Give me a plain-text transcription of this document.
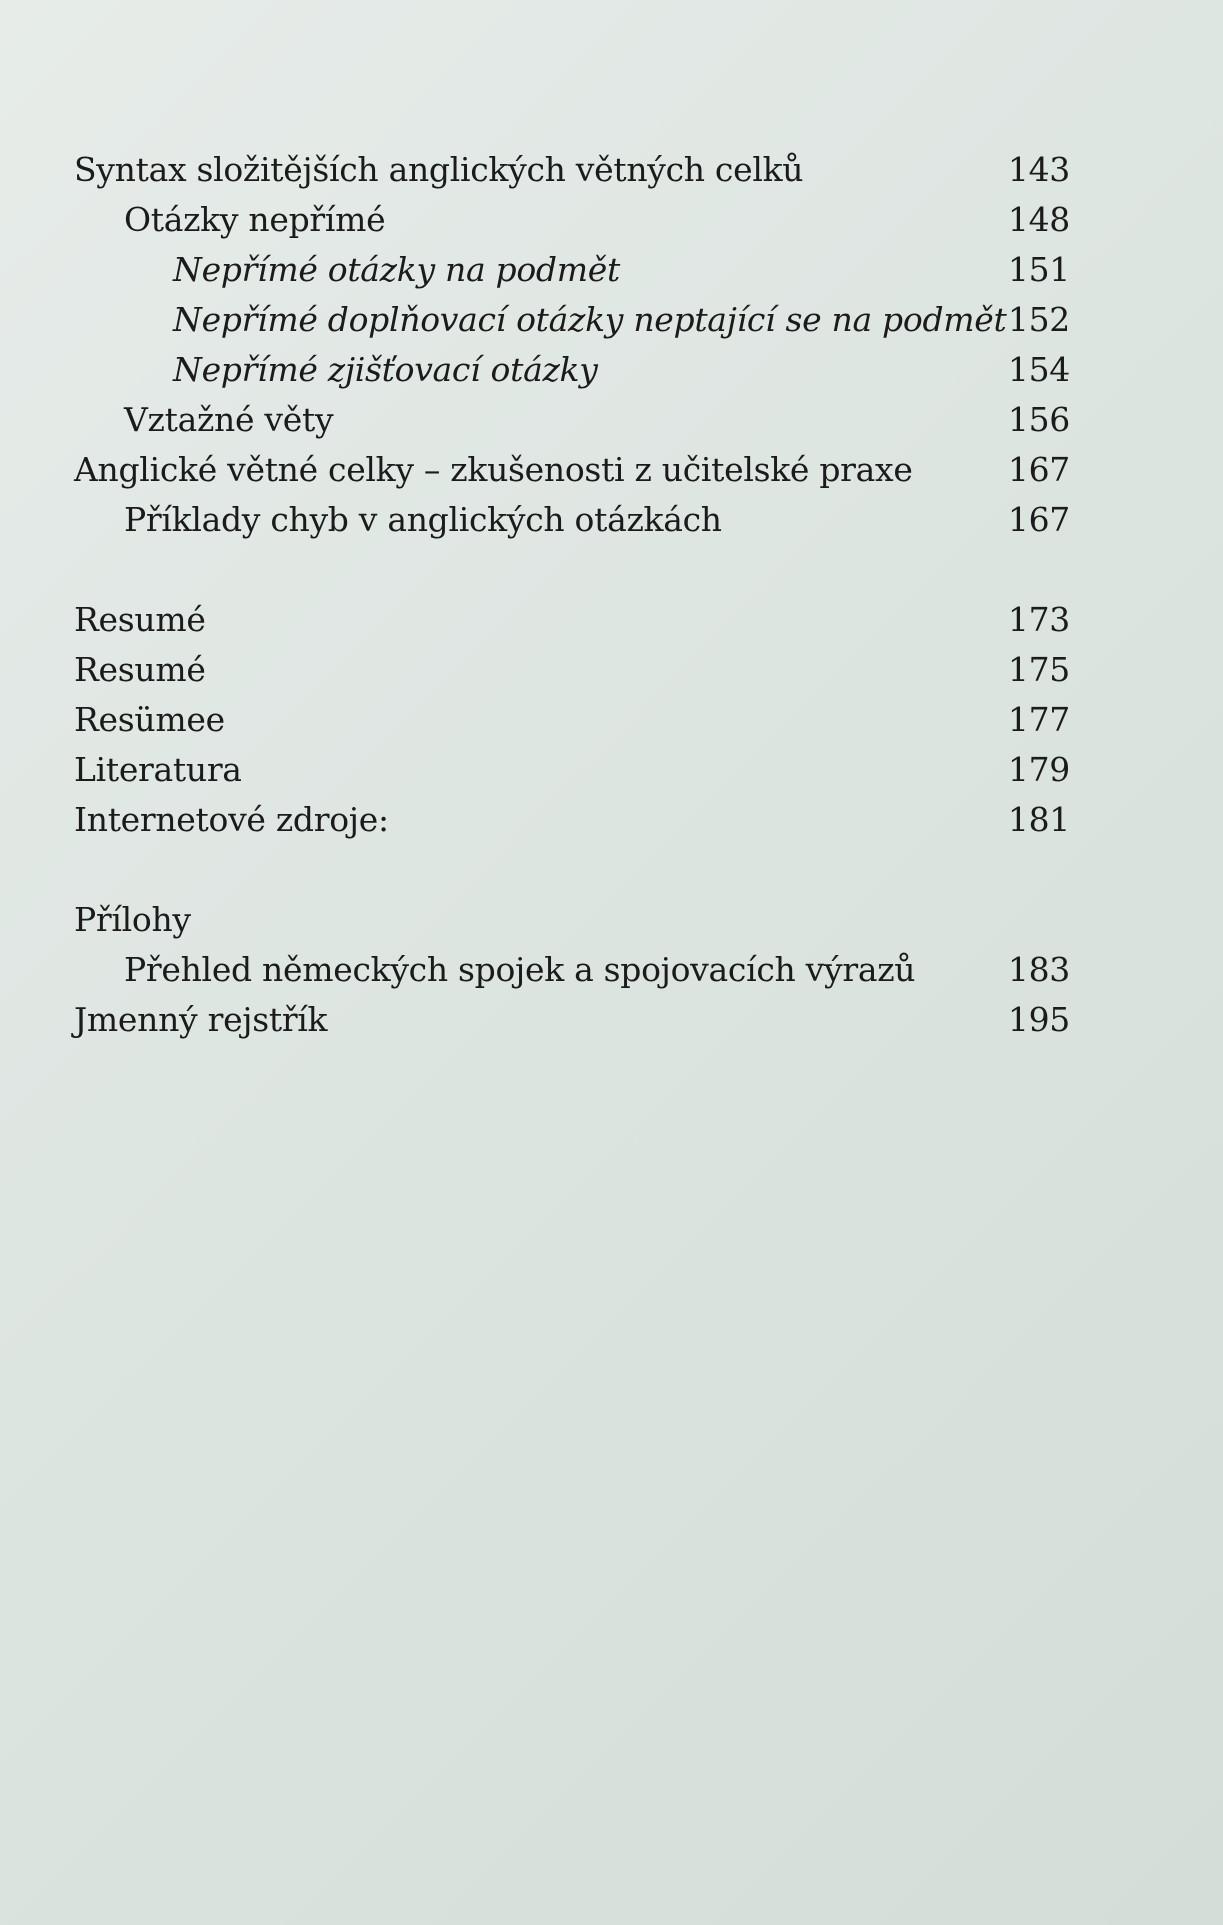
Syntax složitějších anglických větných celků	143
Otázky nepřímé	148
Nepřímé otázky na podmět	151
Nepřímé doplňovací otázky neptající se na podmět 152
Nepřímé zjišťovací otázky	154
Vztažné věty	156
Anglické větné celky – zkušenosti z učitelské praxe	167
Příklady chyb v anglických otázkách	167
Resumé	173
Resumé	175
Resümee	177
Literatura	179
Internetové zdroje:	181
Přílohy
Přehled německých spojek a spojovacích výrazů	183
Jmenný rejstřík	195
